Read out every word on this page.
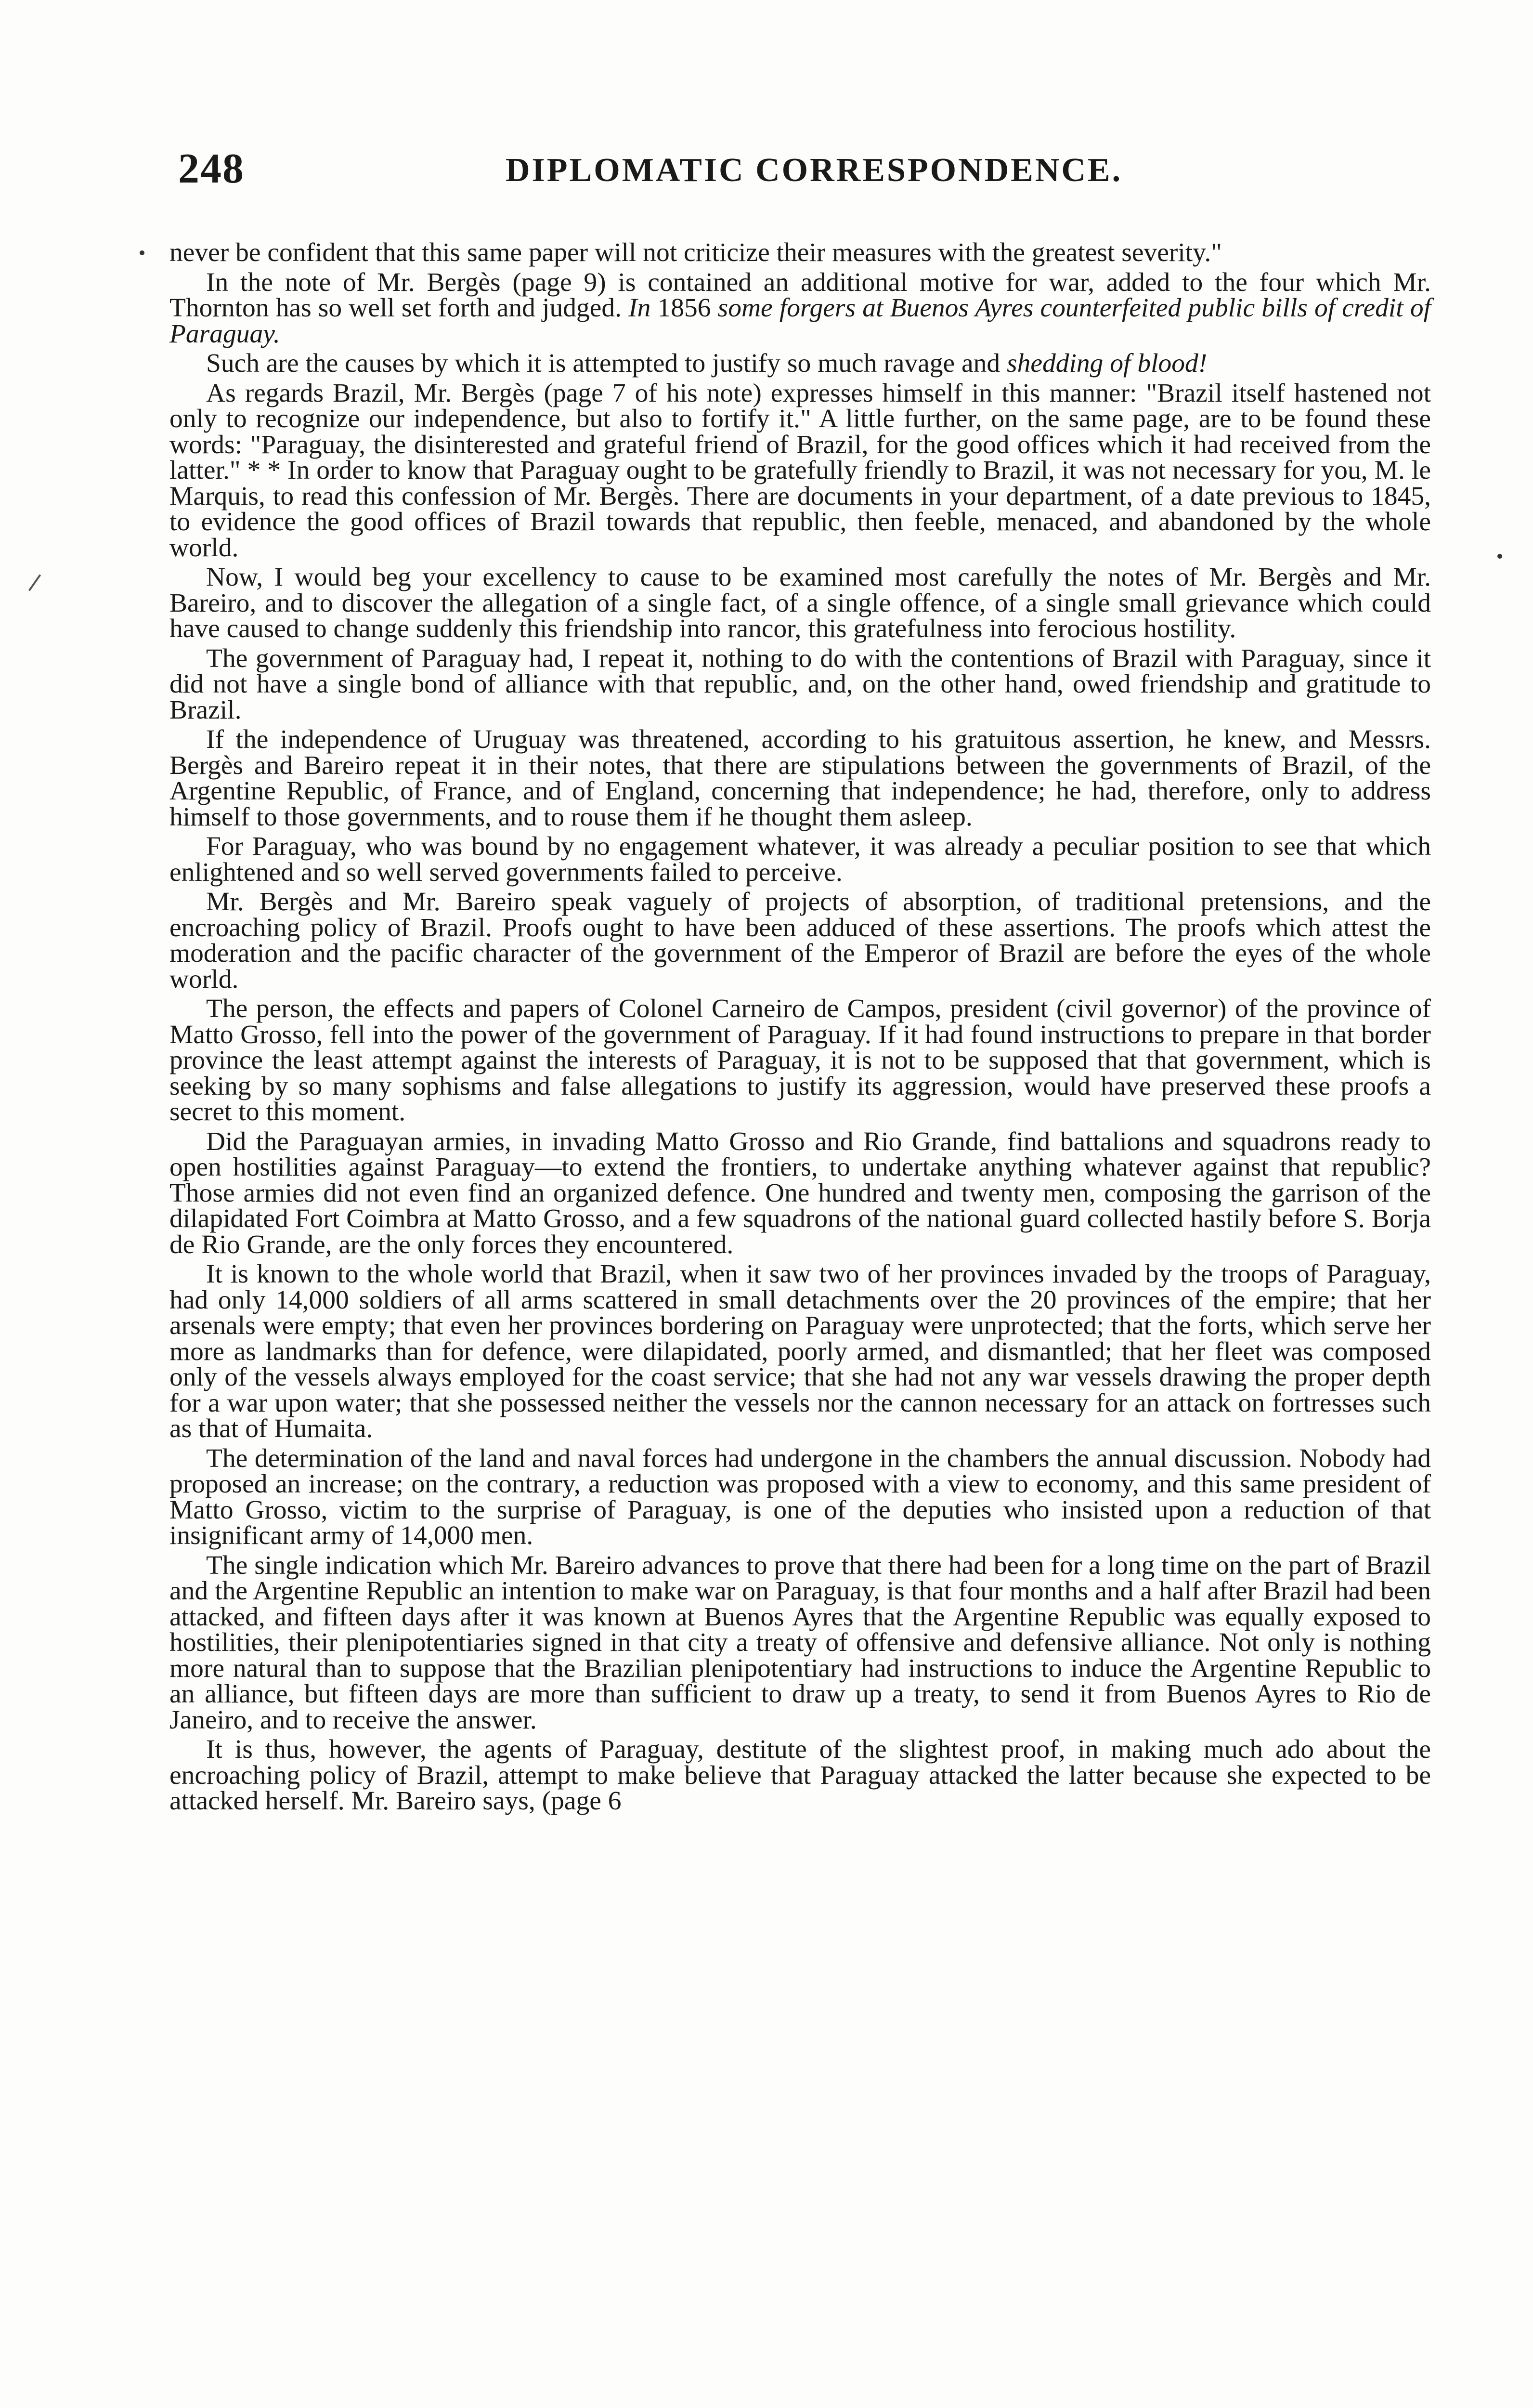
248	DIPLOMATIC CORRESPONDENCE.

never be confident that this same paper will not criticize their measures with the greatest severity."

In the note of Mr. Bergès (page 9) is contained an additional motive for war, added to the four which Mr. Thornton has so well set forth and judged. In 1856 some forgers at Buenos Ayres counterfeited public bills of credit of Paraguay.

Such are the causes by which it is attempted to justify so much ravage and shedding of blood!

As regards Brazil, Mr. Bergès (page 7 of his note) expresses himself in this manner: "Brazil itself hastened not only to recognize our independence, but also to fortify it." A little further, on the same page, are to be found these words: "Paraguay, the disinterested and grateful friend of Brazil, for the good offices which it had received from the latter." * * In order to know that Paraguay ought to be gratefully friendly to Brazil, it was not necessary for you, M. le Marquis, to read this confession of Mr. Bergès. There are documents in your department, of a date previous to 1845, to evidence the good offices of Brazil towards that republic, then feeble, menaced, and abandoned by the whole world.

Now, I would beg your excellency to cause to be examined most carefully the notes of Mr. Bergès and Mr. Bareiro, and to discover the allegation of a single fact, of a single offence, of a single small grievance which could have caused to change suddenly this friendship into rancor, this gratefulness into ferocious hostility.

The government of Paraguay had, I repeat it, nothing to do with the contentions of Brazil with Paraguay, since it did not have a single bond of alliance with that republic, and, on the other hand, owed friendship and gratitude to Brazil.

If the independence of Uruguay was threatened, according to his gratuitous assertion, he knew, and Messrs. Bergès and Bareiro repeat it in their notes, that there are stipulations between the governments of Brazil, of the Argentine Republic, of France, and of England, concerning that independence; he had, therefore, only to address himself to those governments, and to rouse them if he thought them asleep.

For Paraguay, who was bound by no engagement whatever, it was already a peculiar position to see that which enlightened and so well served governments failed to perceive.

Mr. Bergès and Mr. Bareiro speak vaguely of projects of absorption, of traditional pretensions, and the encroaching policy of Brazil. Proofs ought to have been adduced of these assertions. The proofs which attest the moderation and the pacific character of the government of the Emperor of Brazil are before the eyes of the whole world.

The person, the effects and papers of Colonel Carneiro de Campos, president (civil governor) of the province of Matto Grosso, fell into the power of the government of Paraguay. If it had found instructions to prepare in that border province the least attempt against the interests of Paraguay, it is not to be supposed that that government, which is seeking by so many sophisms and false allegations to justify its aggression, would have preserved these proofs a secret to this moment.

Did the Paraguayan armies, in invading Matto Grosso and Rio Grande, find battalions and squadrons ready to open hostilities against Paraguay—to extend the frontiers, to undertake anything whatever against that republic? Those armies did not even find an organized defence. One hundred and twenty men, composing the garrison of the dilapidated Fort Coimbra at Matto Grosso, and a few squadrons of the national guard collected hastily before S. Borja de Rio Grande, are the only forces they encountered.

It is known to the whole world that Brazil, when it saw two of her provinces invaded by the troops of Paraguay, had only 14,000 soldiers of all arms scattered in small detachments over the 20 provinces of the empire; that her arsenals were empty; that even her provinces bordering on Paraguay were unprotected; that the forts, which serve her more as landmarks than for defence, were dilapidated, poorly armed, and dismantled; that her fleet was composed only of the vessels always employed for the coast service; that she had not any war vessels drawing the proper depth for a war upon water; that she possessed neither the vessels nor the cannon necessary for an attack on fortresses such as that of Humaita.

The determination of the land and naval forces had undergone in the chambers the annual discussion. Nobody had proposed an increase; on the contrary, a reduction was proposed with a view to economy, and this same president of Matto Grosso, victim to the surprise of Paraguay, is one of the deputies who insisted upon a reduction of that insignificant army of 14,000 men.

The single indication which Mr. Bareiro advances to prove that there had been for a long time on the part of Brazil and the Argentine Republic an intention to make war on Paraguay, is that four months and a half after Brazil had been attacked, and fifteen days after it was known at Buenos Ayres that the Argentine Republic was equally exposed to hostilities, their plenipotentiaries signed in that city a treaty of offensive and defensive alliance. Not only is nothing more natural than to suppose that the Brazilian plenipotentiary had instructions to induce the Argentine Republic to an alliance, but fifteen days are more than sufficient to draw up a treaty, to send it from Buenos Ayres to Rio de Janeiro, and to receive the answer.

It is thus, however, the agents of Paraguay, destitute of the slightest proof, in making much ado about the encroaching policy of Brazil, attempt to make believe that Paraguay attacked the latter because she expected to be attacked herself. Mr. Bareiro says, (page 6
